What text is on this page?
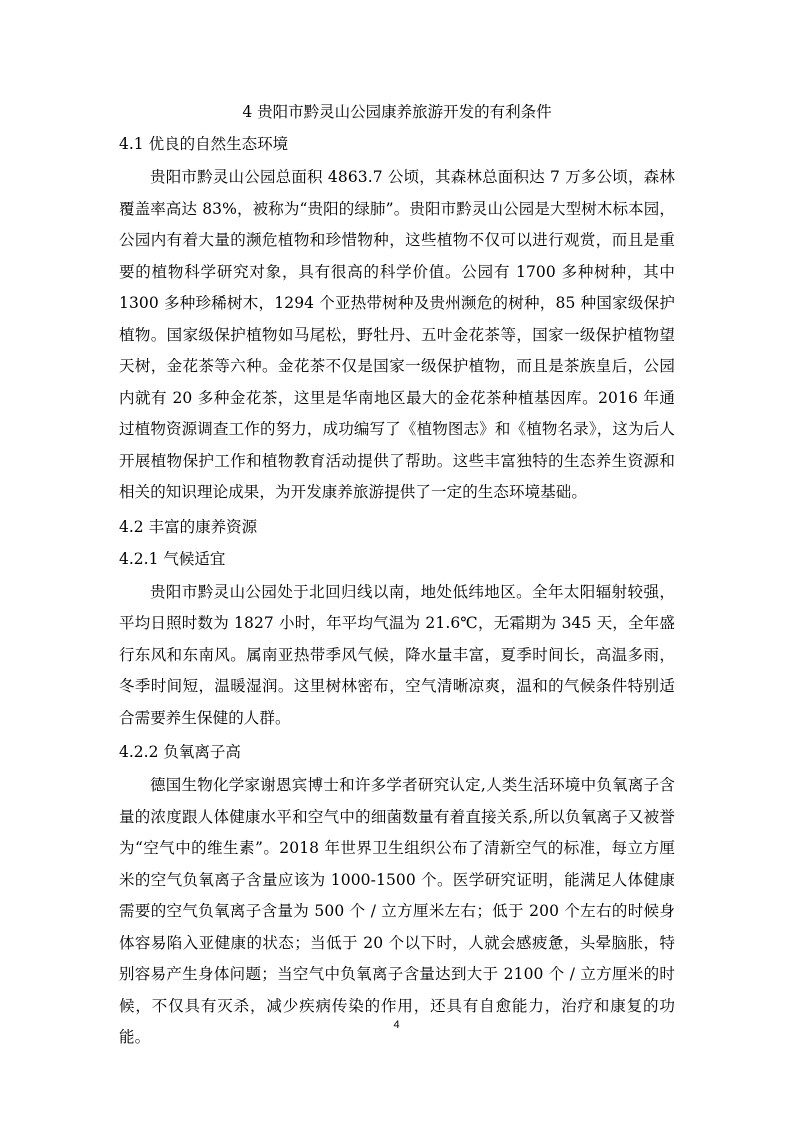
4 贵阳市黔灵山公园康养旅游开发的有利条件
4.1 优良的自然生态环境
贵阳市黔灵山公园总面积 4863.7 公顷，其森林总面积达 7 万多公顷，森林覆盖率高达 83%，被称为“贵阳的绿肺”。贵阳市黔灵山公园是大型树木标本园，公园内有着大量的濒危植物和珍惜物种，这些植物不仅可以进行观赏，而且是重要的植物科学研究对象，具有很高的科学价值。公园有 1700 多种树种，其中 1300 多种珍稀树木，1294 个亚热带树种及贵州濒危的树种，85 种国家级保护植物。国家级保护植物如马尾松，野牡丹、五叶金花茶等，国家一级保护植物望天树，金花茶等六种。金花茶不仅是国家一级保护植物，而且是茶族皇后，公园内就有 20 多种金花茶，这里是华南地区最大的金花茶种植基因库。2016 年通过植物资源调查工作的努力，成功编写了《植物图志》和《植物名录》，这为后人开展植物保护工作和植物教育活动提供了帮助。这些丰富独特的生态养生资源和相关的知识理论成果，为开发康养旅游提供了一定的生态环境基础。
4.2 丰富的康养资源
4.2.1 气候适宜
贵阳市黔灵山公园处于北回归线以南，地处低纬地区。全年太阳辐射较强，平均日照时数为 1827 小时，年平均气温为 21.6℃，无霜期为 345 天，全年盛行东风和东南风。属南亚热带季风气候，降水量丰富，夏季时间长，高温多雨，冬季时间短，温暖湿润。这里树林密布，空气清晰凉爽，温和的气候条件特别适合需要养生保健的人群。
4.2.2 负氧离子高
德国生物化学家谢恩宾博士和许多学者研究认定,人类生活环境中负氧离子含量的浓度跟人体健康水平和空气中的细菌数量有着直接关系,所以负氧离子又被誉为“空气中的维生素”。2018 年世界卫生组织公布了清新空气的标准，每立方厘米的空气负氧离子含量应该为 1000-1500 个。医学研究证明，能满足人体健康需要的空气负氧离子含量为 500 个 / 立方厘米左右；低于 200 个左右的时候身体容易陷入亚健康的状态；当低于 20 个以下时，人就会感疲惫，头晕脑胀，特别容易产生身体问题；当空气中负氧离子含量达到大于 2100 个 / 立方厘米的时候，不仅具有灭杀，减少疾病传染的作用，还具有自愈能力，治疗和康复的功能。
4
